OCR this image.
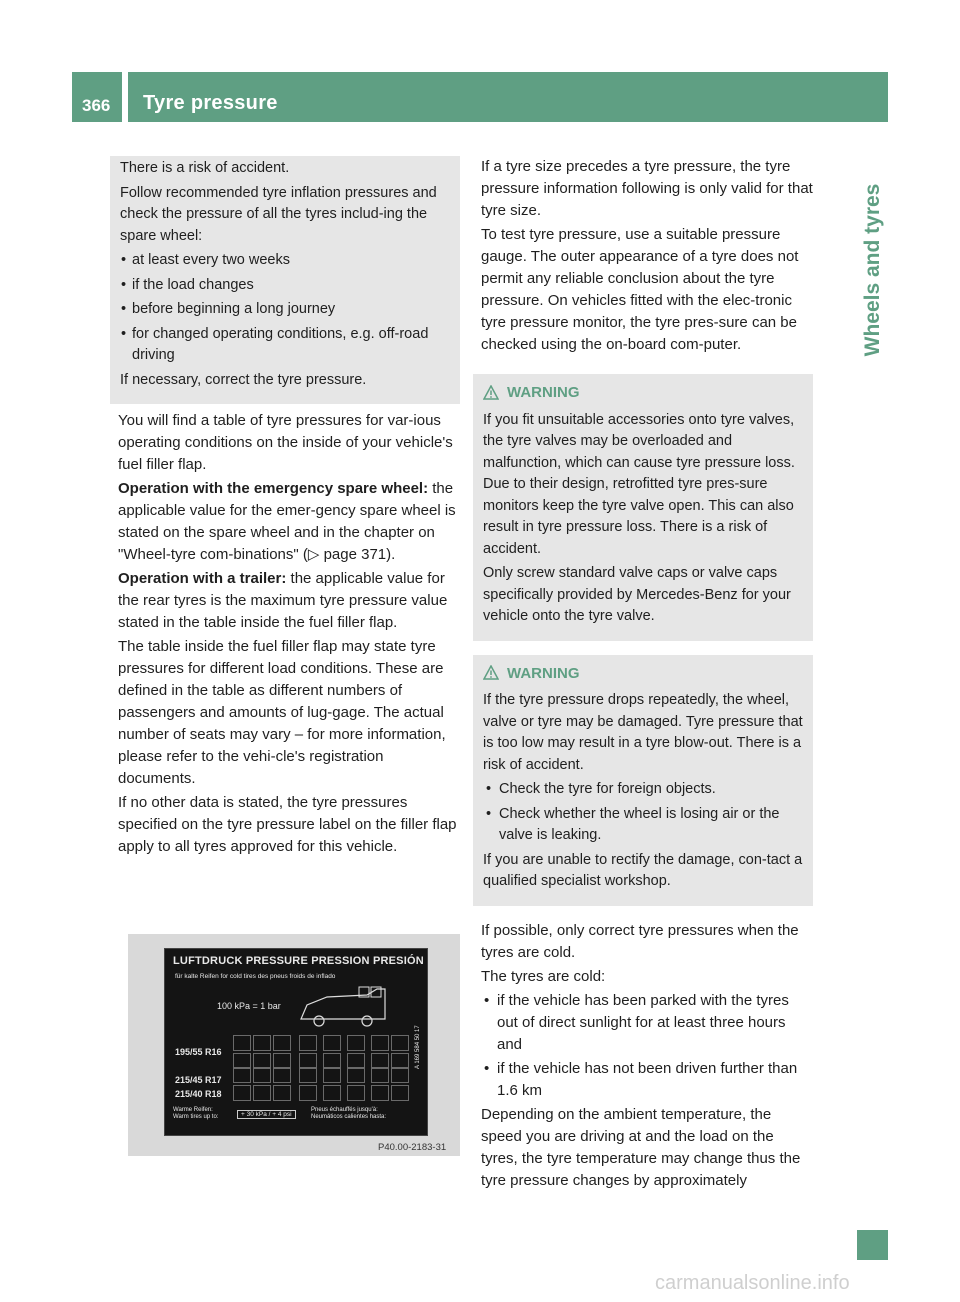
366 Tyre pressure
Wheels and tyres

There is a risk of accident.

Follow recommended tyre inflation pressures and check the pressure of all the tyres includ-ing the spare wheel:

• at least every two weeks

• if the load changes

• before beginning a long journey

• for changed operating conditions, e.g. off-road driving

If necessary, correct the tyre pressure.

You will find a table of tyre pressures for var-ious operating conditions on the inside of your vehicle's fuel filler flap.

Operation with the emergency spare wheel: the applicable value for the emer-gency spare wheel is stated on the spare wheel and in the chapter on "Wheel-tyre com-binations" (▷ page 371).

Operation with a trailer: the applicable value for the rear tyres is the maximum tyre pressure value stated in the table inside the fuel filler flap.

The table inside the fuel filler flap may state tyre pressures for different load conditions. These are defined in the table as different numbers of passengers and amounts of lug-gage. The actual number of seats may vary – for more information, please refer to the vehi-cle's registration documents.

If no other data is stated, the tyre pressures specified on the tyre pressure label on the filler flap apply to all tyres approved for this vehicle.

LUFTDRUCK PRESSURE PRESSION PRESIÓN
für kalte Reifen for cold tires des pneus froids de inflado
100 kPa = 1 bar
195/55 R16
215/45 R17
215/40 R18
Warme Reifen:
Warm tires up to:	+ 30 kPa / + 4 psi
Pneus échauffés jusqu'à:
Neumáticos calientes hasta:
A 169 584 50 17
P40.00-2183-31

If a tyre size precedes a tyre pressure, the tyre pressure information following is only valid for that tyre size.

To test tyre pressure, use a suitable pressure gauge. The outer appearance of a tyre does not permit any reliable conclusion about the tyre pressure. On vehicles fitted with the elec-tronic tyre pressure monitor, the tyre pres-sure can be checked using the on-board com-puter.

WARNING

If you fit unsuitable accessories onto tyre valves, the tyre valves may be overloaded and malfunction, which can cause tyre pressure loss. Due to their design, retrofitted tyre pres-sure monitors keep the tyre valve open. This can also result in tyre pressure loss. There is a risk of accident.

Only screw standard valve caps or valve caps specifically provided by Mercedes-Benz for your vehicle onto the tyre valve.

WARNING

If the tyre pressure drops repeatedly, the wheel, valve or tyre may be damaged. Tyre pressure that is too low may result in a tyre blow-out. There is a risk of accident.

• Check the tyre for foreign objects.

• Check whether the wheel is losing air or the valve is leaking.

If you are unable to rectify the damage, con-tact a qualified specialist workshop.

If possible, only correct tyre pressures when the tyres are cold.

The tyres are cold:

• if the vehicle has been parked with the tyres out of direct sunlight for at least three hours and

• if the vehicle has not been driven further than 1.6 km

Depending on the ambient temperature, the speed you are driving at and the load on the tyres, the tyre temperature may change thus the tyre pressure changes by approximately

carmanualsonline.info
